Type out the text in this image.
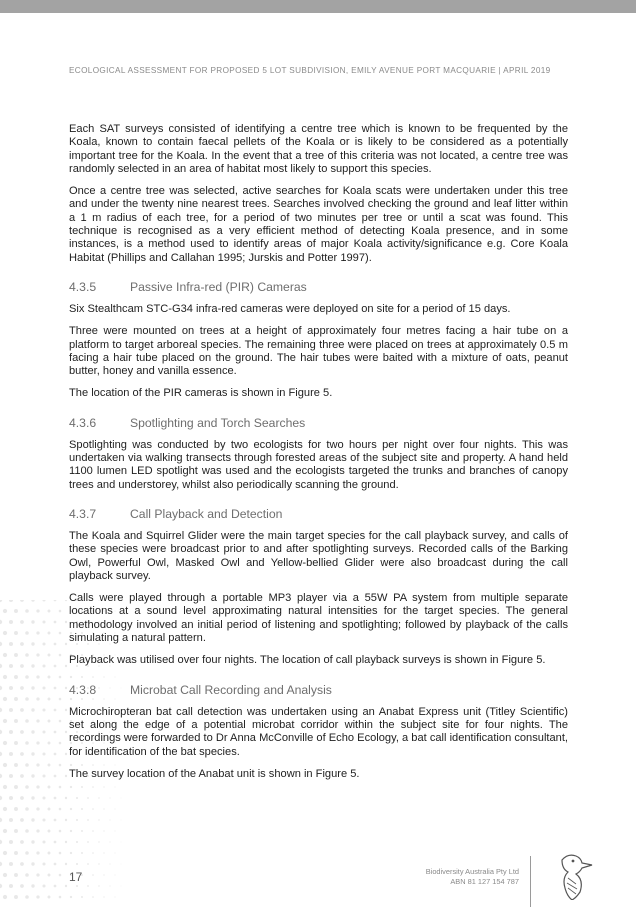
ECOLOGICAL ASSESSMENT FOR PROPOSED 5 LOT SUBDIVISION, EMILY AVENUE PORT MACQUARIE | APRIL 2019

Each SAT surveys consisted of identifying a centre tree which is known to be frequented by the Koala, known to contain faecal pellets of the Koala or is likely to be considered as a potentially important tree for the Koala. In the event that a tree of this criteria was not located, a centre tree was randomly selected in an area of habitat most likely to support this species.

Once a centre tree was selected, active searches for Koala scats were undertaken under this tree and under the twenty nine nearest trees. Searches involved checking the ground and leaf litter within a 1 m radius of each tree, for a period of two minutes per tree or until a scat was found. This technique is recognised as a very efficient method of detecting Koala presence, and in some instances, is a method used to identify areas of major Koala activity/significance e.g. Core Koala Habitat (Phillips and Callahan 1995; Jurskis and Potter 1997).

4.3.5	Passive Infra-red (PIR) Cameras

Six Stealthcam STC-G34 infra-red cameras were deployed on site for a period of 15 days.

Three were mounted on trees at a height of approximately four metres facing a hair tube on a platform to target arboreal species. The remaining three were placed on trees at approximately 0.5 m facing a hair tube placed on the ground. The hair tubes were baited with a mixture of oats, peanut butter, honey and vanilla essence.

The location of the PIR cameras is shown in Figure 5.

4.3.6	Spotlighting and Torch Searches

Spotlighting was conducted by two ecologists for two hours per night over four nights. This was undertaken via walking transects through forested areas of the subject site and property. A hand held 1100 lumen LED spotlight was used and the ecologists targeted the trunks and branches of canopy trees and understorey, whilst also periodically scanning the ground.

4.3.7	Call Playback and Detection

The Koala and Squirrel Glider were the main target species for the call playback survey, and calls of these species were broadcast prior to and after spotlighting surveys. Recorded calls of the Barking Owl, Powerful Owl, Masked Owl and Yellow-bellied Glider were also broadcast during the call playback survey.

Calls were played through a portable MP3 player via a 55W PA system from multiple separate locations at a sound level approximating natural intensities for the target species. The general methodology involved an initial period of listening and spotlighting; followed by playback of the calls simulating a natural pattern.

Playback was utilised over four nights. The location of call playback surveys is shown in Figure 5.

4.3.8	Microbat Call Recording and Analysis

Microchiropteran bat call detection was undertaken using an Anabat Express unit (Titley Scientific) set along the edge of a potential microbat corridor within the subject site for four nights. The recordings were forwarded to Dr Anna McConville of Echo Ecology, a bat call identification consultant, for identification of the bat species.

The survey location of the Anabat unit is shown in Figure 5.

17	Biodiversity Australia Pty Ltd
ABN 81 127 154 787
